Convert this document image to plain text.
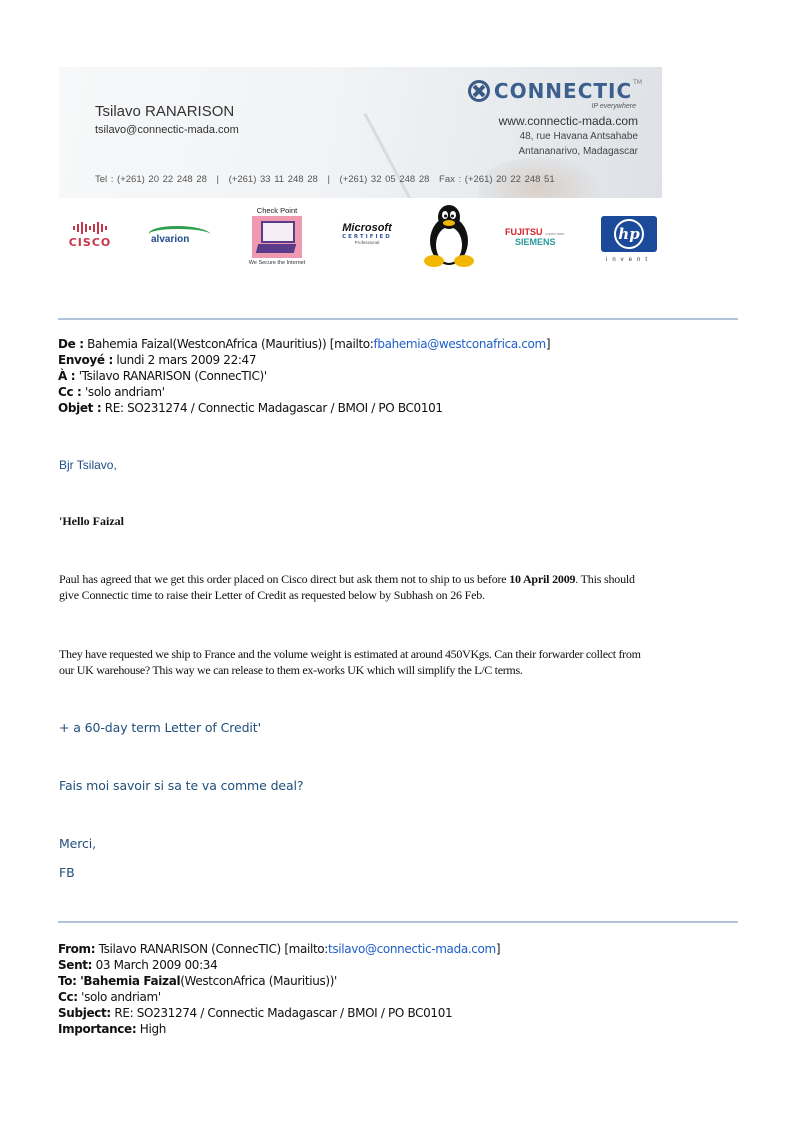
Tsilavo RANARISON
tsilavo@connectic-mada.com
CONNECTIC TM
IP everywhere
www.connectic-mada.com
48, rue Havana Antsahabe
Antananarivo, Madagascar
Tel : (+261) 20 22 248 28 | (+261) 33 11 248 28 | (+261) 32 05 248 28 Fax : (+261) 20 22 248 51
CISCO	alvarion
Check Point
We Secure the Internet
Microsoft
CERTIFIED
Professional
FUJITSU COMPUTERS
SIEMENS	hp
invent
De : Bahemia Faizal(WestconAfrica (Mauritius)) [mailto:fbahemia@westconafrica.com]
Envoyé : lundi 2 mars 2009 22:47
À : 'Tsilavo RANARISON (ConnecTIC)'
Cc : 'solo andriam'
Objet : RE: SO231274 / Connectic Madagascar / BMOI / PO BC0101
Bjr Tsilavo,
'Hello Faizal
Paul has agreed that we get this order placed on Cisco direct but ask them not to ship to us before 10 April 2009. This should
give Connectic time to raise their Letter of Credit as requested below by Subhash on 26 Feb.
They have requested we ship to France and the volume weight is estimated at around 450VKgs. Can their forwarder collect from
our UK warehouse? This way we can release to them ex-works UK which will simplify the L/C terms.
+ a 60-day term Letter of Credit'
Fais moi savoir si sa te va comme deal?
Merci,
FB
From: Tsilavo RANARISON (ConnecTIC) [mailto:tsilavo@connectic-mada.com]
Sent: 03 March 2009 00:34
To: 'Bahemia Faizal(WestconAfrica (Mauritius))'
Cc: 'solo andriam'
Subject: RE: SO231274 / Connectic Madagascar / BMOI / PO BC0101
Importance: High
